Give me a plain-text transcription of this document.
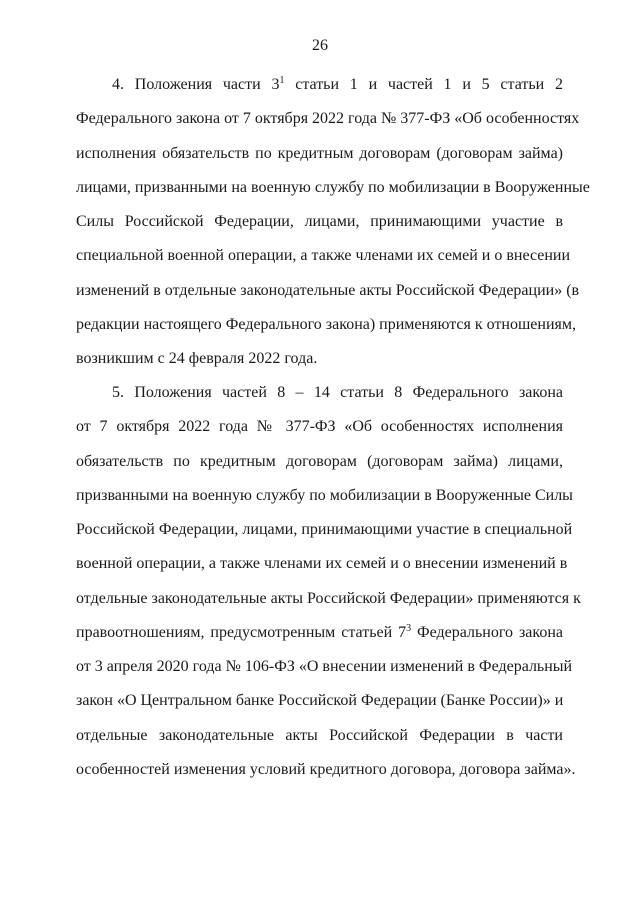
26
4. Положения части $3^1$ статьи 1 и частей 1 и 5 статьи 2
Федерального закона от 7 октября 2022 года № 377-ФЗ «Об особенностях
исполнения обязательств по кредитным договорам (договорам займа)
лицами, призванными на военную службу по мобилизации в Вооруженные
Силы Российской Федерации, лицами, принимающими участие в
специальной военной операции, а также членами их семей и о внесении
изменений в отдельные законодательные акты Российской Федерации» (в
редакции настоящего Федерального закона) применяются к отношениям,
возникшим с 24 февраля 2022 года.
5. Положения частей 8 – 14 статьи 8 Федерального закона
от 7 октября 2022 года № 377-ФЗ «Об особенностях исполнения
обязательств по кредитным договорам (договорам займа) лицами,
призванными на военную службу по мобилизации в Вооруженные Силы
Российской Федерации, лицами, принимающими участие в специальной
военной операции, а также членами их семей и о внесении изменений в
отдельные законодательные акты Российской Федерации» применяются к
правоотношениям, предусмотренным статьей $7^3$ Федерального закона
от 3 апреля 2020 года № 106-ФЗ «О внесении изменений в Федеральный
закон «О Центральном банке Российской Федерации (Банке России)» и
отдельные законодательные акты Российской Федерации в части
особенностей изменения условий кредитного договора, договора займа».
